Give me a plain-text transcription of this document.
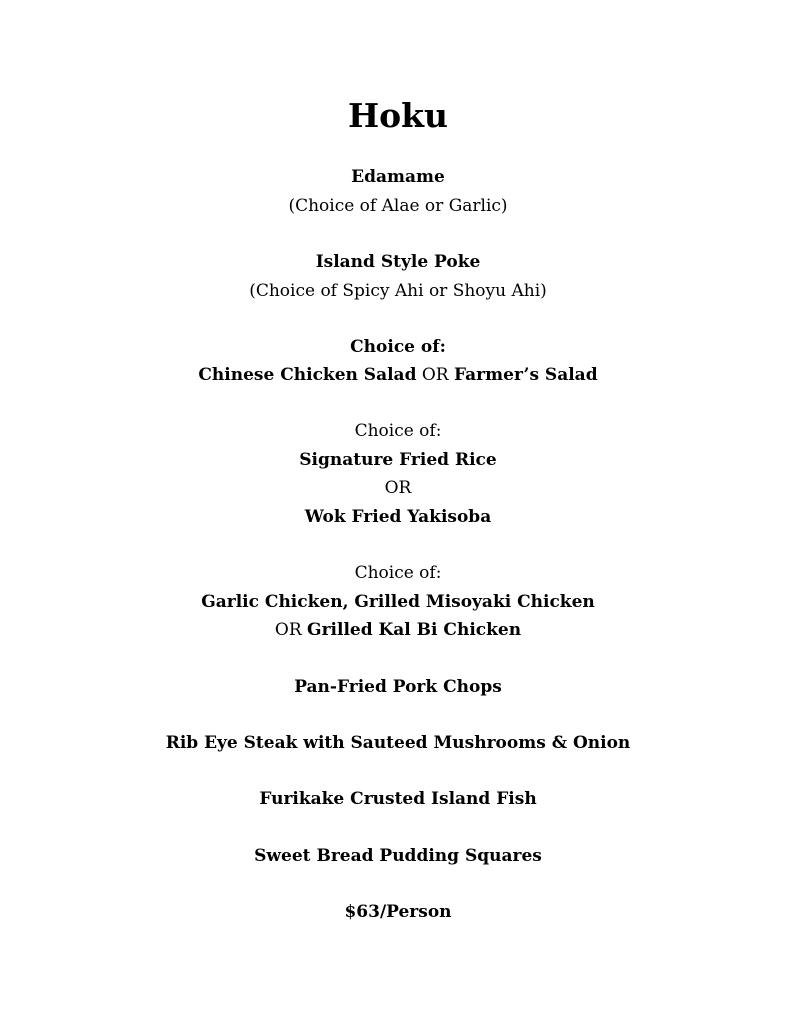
Hoku
Edamame
(Choice of Alae or Garlic)
Island Style Poke
(Choice of Spicy Ahi or Shoyu Ahi)
Choice of:
Chinese Chicken Salad OR Farmer’s Salad
Choice of:
Signature Fried Rice
OR
Wok Fried Yakisoba
Choice of:
Garlic Chicken, Grilled Misoyaki Chicken
OR Grilled Kal Bi Chicken
Pan-Fried Pork Chops
Rib Eye Steak with Sauteed Mushrooms & Onion
Furikake Crusted Island Fish
Sweet Bread Pudding Squares
$63/Person
